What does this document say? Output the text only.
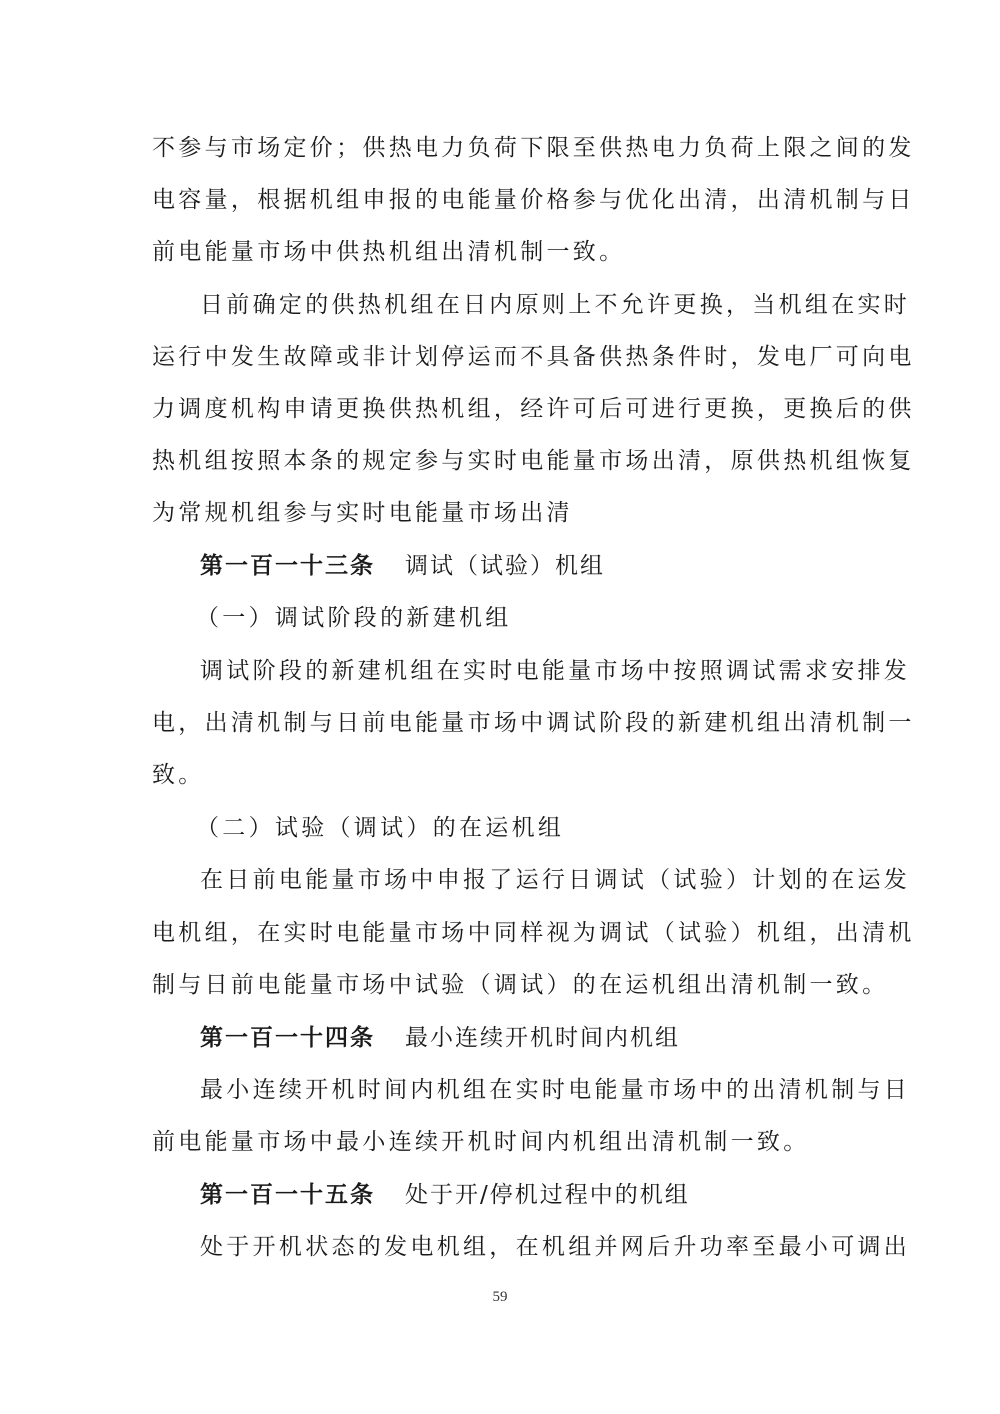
不参与市场定价；供热电力负荷下限至供热电力负荷上限之间的发
电容量，根据机组申报的电能量价格参与优化出清，出清机制与日
前电能量市场中供热机组出清机制一致。
日前确定的供热机组在日内原则上不允许更换，当机组在实时
运行中发生故障或非计划停运而不具备供热条件时，发电厂可向电
力调度机构申请更换供热机组，经许可后可进行更换，更换后的供
热机组按照本条的规定参与实时电能量市场出清，原供热机组恢复
为常规机组参与实时电能量市场出清
第一百一十三条 调试（试验）机组
（一）调试阶段的新建机组
调试阶段的新建机组在实时电能量市场中按照调试需求安排发
电，出清机制与日前电能量市场中调试阶段的新建机组出清机制一
致。
（二）试验（调试）的在运机组
在日前电能量市场中申报了运行日调试（试验）计划的在运发
电机组，在实时电能量市场中同样视为调试（试验）机组，出清机
制与日前电能量市场中试验（调试）的在运机组出清机制一致。
第一百一十四条 最小连续开机时间内机组
最小连续开机时间内机组在实时电能量市场中的出清机制与日
前电能量市场中最小连续开机时间内机组出清机制一致。
第一百一十五条 处于开/停机过程中的机组
处于开机状态的发电机组，在机组并网后升功率至最小可调出
59
